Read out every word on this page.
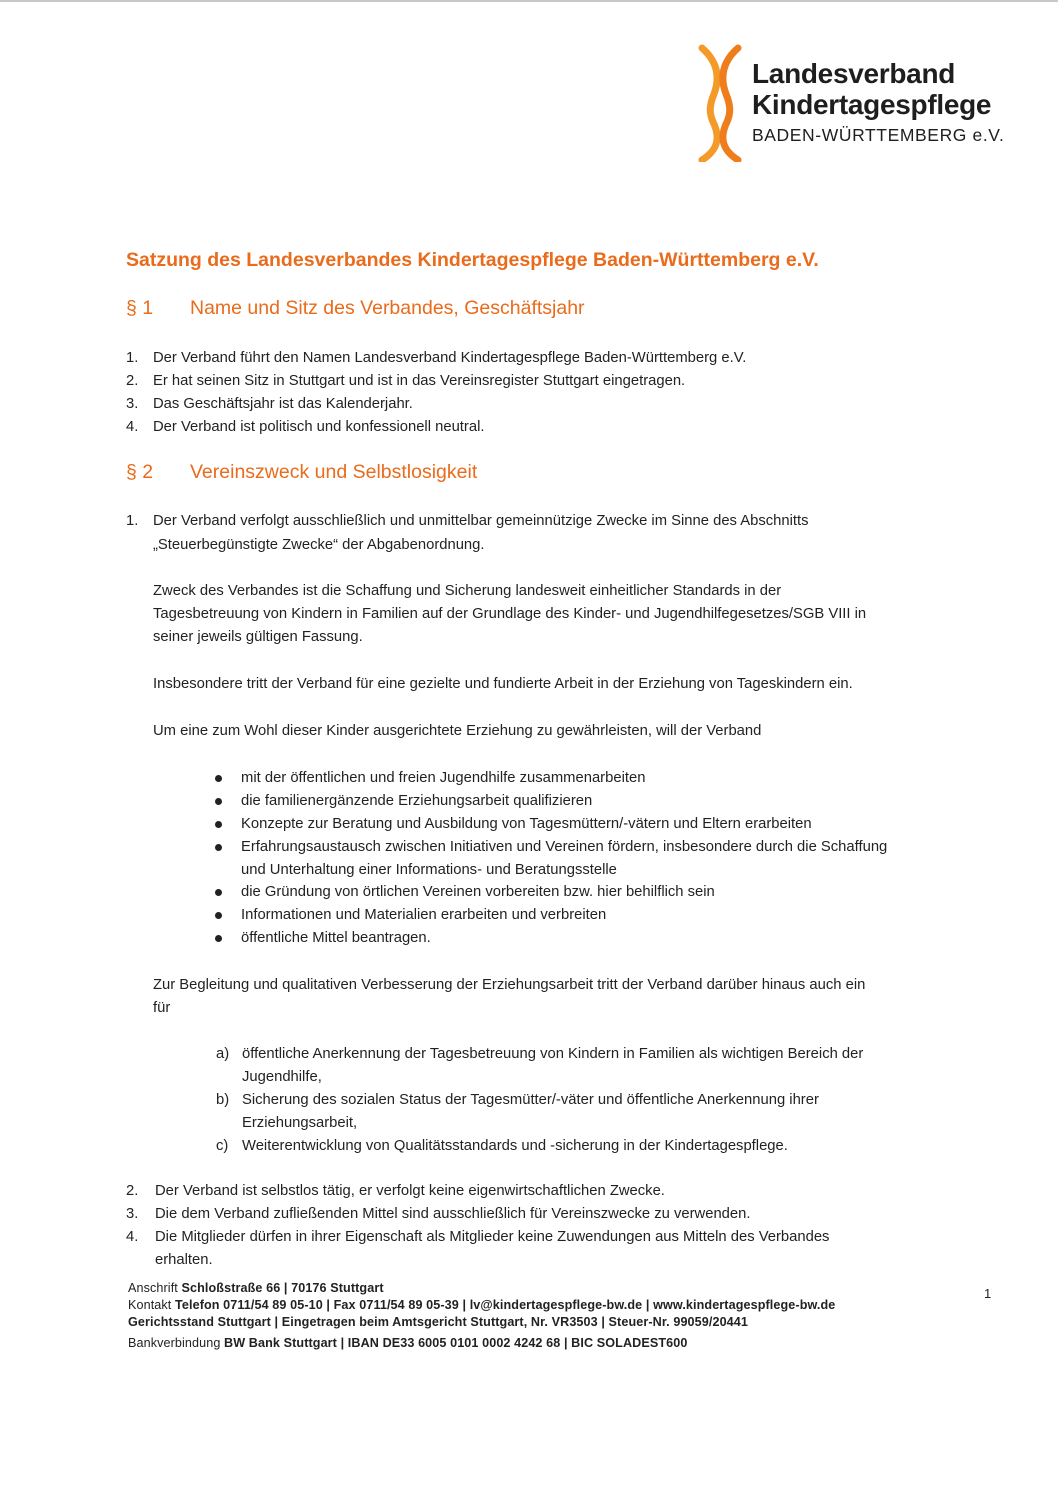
Landesverband
Kindertagespflege
BADEN-WÜRTTEMBERG e.V.
Satzung des Landesverbandes Kindertagespflege Baden-Württemberg e.V.
§ 1 Name und Sitz des Verbandes, Geschäftsjahr
1. Der Verband führt den Namen Landesverband Kindertagespflege Baden-Württemberg e.V.
2. Er hat seinen Sitz in Stuttgart und ist in das Vereinsregister Stuttgart eingetragen.
3. Das Geschäftsjahr ist das Kalenderjahr.
4. Der Verband ist politisch und konfessionell neutral.
§ 2 Vereinszweck und Selbstlosigkeit
1. Der Verband verfolgt ausschließlich und unmittelbar gemeinnützige Zwecke im Sinne des Abschnitts
„Steuerbegünstigte Zwecke“ der Abgabenordnung.
Zweck des Verbandes ist die Schaffung und Sicherung landesweit einheitlicher Standards in der
Tagesbetreuung von Kindern in Familien auf der Grundlage des Kinder- und Jugendhilfegesetzes/SGB VIII in
seiner jeweils gültigen Fassung.
Insbesondere tritt der Verband für eine gezielte und fundierte Arbeit in der Erziehung von Tageskindern ein.
Um eine zum Wohl dieser Kinder ausgerichtete Erziehung zu gewährleisten, will der Verband
mit der öffentlichen und freien Jugendhilfe zusammenarbeiten
die familienergänzende Erziehungsarbeit qualifizieren
Konzepte zur Beratung und Ausbildung von Tagesmüttern/-vätern und Eltern erarbeiten
Erfahrungsaustausch zwischen Initiativen und Vereinen fördern, insbesondere durch die Schaffung
und Unterhaltung einer Informations- und Beratungsstelle
die Gründung von örtlichen Vereinen vorbereiten bzw. hier behilflich sein
Informationen und Materialien erarbeiten und verbreiten
öffentliche Mittel beantragen.
Zur Begleitung und qualitativen Verbesserung der Erziehungsarbeit tritt der Verband darüber hinaus auch ein
für
a) öffentliche Anerkennung der Tagesbetreuung von Kindern in Familien als wichtigen Bereich der
Jugendhilfe,
b) Sicherung des sozialen Status der Tagesmütter/-väter und öffentliche Anerkennung ihrer
Erziehungsarbeit,
c) Weiterentwicklung von Qualitätsstandards und -sicherung in der Kindertagespflege.
2. Der Verband ist selbstlos tätig, er verfolgt keine eigenwirtschaftlichen Zwecke.
3. Die dem Verband zufließenden Mittel sind ausschließlich für Vereinszwecke zu verwenden.
4. Die Mitglieder dürfen in ihrer Eigenschaft als Mitglieder keine Zuwendungen aus Mitteln des Verbandes
erhalten.
Anschrift Schloßstraße 66 | 70176 Stuttgart
Kontakt Telefon 0711/54 89 05-10 | Fax 0711/54 89 05-39 | lv@kindertagespflege-bw.de | www.kindertagespflege-bw.de
Gerichtsstand Stuttgart | Eingetragen beim Amtsgericht Stuttgart, Nr. VR3503 | Steuer-Nr. 99059/20441
Bankverbindung BW Bank Stuttgart | IBAN DE33 6005 0101 0002 4242 68 | BIC SOLADEST600
1
